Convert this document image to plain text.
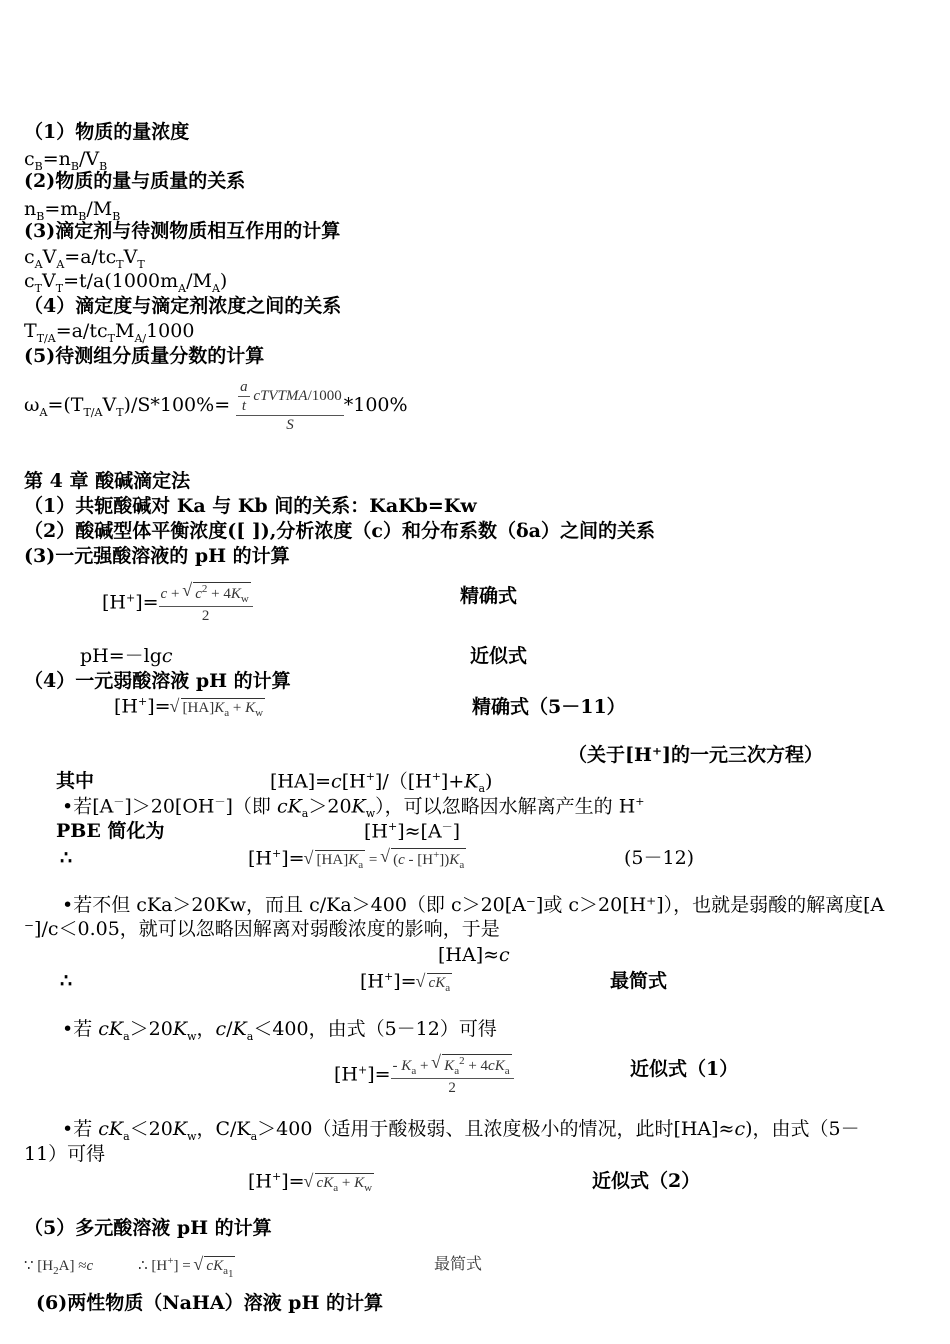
（1）物质的量浓度
$c_B=n_B/V_B$
(2)物质的量与质量的关系
$n_B=m_B/M_B$
(3)滴定剂与待测物质相互作用的计算
$c_AV_A=a/tc_TV_T$
$c_TV_T=t/a(1000m_A/M_A)$
（4）滴定度与滴定剂浓度之间的关系
$T_{T/A}=a/tc_TM_{A/}1000$
(5)待测组分质量分数的计算
$\omega_A=(T_{T/A}V_T)/S*100\%= \frac{\frac{a}{t} cTVTMA/1000}{S} *100\%$
第 4 章 酸碱滴定法
（1）共轭酸碱对 Ka 与 Kb 间的关系：KaKb=Kw
（2）酸碱型体平衡浓度([ ]),分析浓度（c）和分布系数（δa）之间的关系
(3)一元强酸溶液的 pH 的计算
$[H^+]= \frac{c + √ c^2 + 4K_w}{2}$	精确式
pH=－lgc	近似式
（4）一元弱酸溶液 pH 的计算
[H+]= √ $[HA]K_a + K_w$	精确式（5－11）
（关于[H⁺]的一元三次方程）
其中	$[HA]=c[H^+]/([H^+]+K_a)$
•若[A－]＞20[OH－]（即 $cK_a>20K_w$），可以忽略因水解离产生的 H+
PBE 简化为	[H+]≈[A－]
∴	[H+]= √ $[HA]K_a$ = √ $(c - [H^+])K_a$	(5－12)
•若不但 cKa＞20Kw，而且 c/Ka＞400（即 c＞20[A⁻]或 c＞20[H⁺]），也就是弱酸的解离度[A
⁻]/c＜0.05，就可以忽略因解离对弱酸浓度的影响，于是
[HA]≈c
∴	[H+]= √ $cK_a$	最简式
•若 $cK_a>20K_w$，$c/K_a<400$，由式（5－12）可得
$[H^+]= \frac{- K_a + √ K_a^2 + 4cK_a}{2}$	近似式（1）
•若 $cK_a<20K_w$，$C/K_a>400$（适用于酸极弱、且浓度极小的情况，此时[HA]≈c)，由式（5－
11）可得
[H+]= √ $cK_a + K_w$	近似式（2）
（5）多元酸溶液 pH 的计算
∵ $[H_2A] \approx c$            ∴ [H+] = √ $cK_{a_1}$
最简式
(6)两性物质（NaHA）溶液 pH 的计算
